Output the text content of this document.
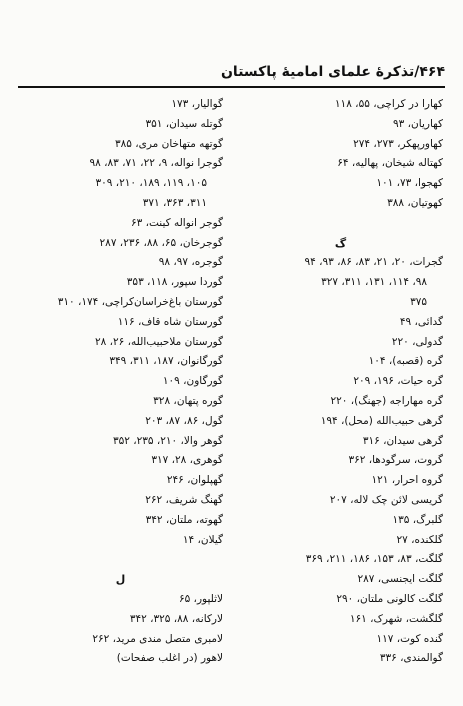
۴۶۴/تذکرهٔ علمای امامیهٔ پاکستان
کهارا در کراچی، ۵۵، ۱۱۸
کهاریان، ۹۳
کهاورپهکر، ۲۷۳، ۲۷۴
کهتاله شیخان، پهالیه، ۶۴
کهجوا، ۷۳، ۱۰۱
کهوتیان، ۳۸۸
گ
گجرات، ۲۰، ۲۱، ۸۳، ۸۶، ۹۳، ۹۴
۹۸، ۱۱۴، ۱۳۱، ۳۱۱، ۳۲۷
۳۷۵
گدائی، ۴۹
گدولی، ۲۲۰
گره (قصبه)، ۱۰۴
گره حیات، ۱۹۶، ۲۰۹
گره مهاراجه (جهنگ)، ۲۲۰
گرهی حبیب‌الله (محل)، ۱۹۴
گرهی سیدان، ۳۱۶
گروت، سرگودها، ۳۶۲
گروه احرار، ۱۲۱
گریسی لائن چک لاله، ۲۰۷
گلبرگ، ۱۳۵
گلکنده، ۲۷
گلگت، ۸۳، ۱۵۳، ۱۸۶، ۲۱۱، ۳۶۹
گلگت ایجنسی، ۲۸۷
گلگت کالونی ملتان، ۲۹۰
گلگشت، شهرک، ۱۶۱
گنده کوت، ۱۱۷
گوالمندی، ۳۳۶
گوالیار، ۱۷۳
گوتله سیدان، ۳۵۱
گوتهه متهاخان مری، ۳۸۵
گوجرا نواله، ۹، ۲۲، ۷۱، ۸۳، ۹۸
۱۰۵، ۱۱۹، ۱۸۹، ۲۱۰، ۳۰۹
۳۱۱، ۳۶۳، ۳۷۱
گوجر انواله کینت، ۶۳
گوجرخان، ۶۵، ۸۸، ۲۳۶، ۲۸۷
گوجره، ۹۷، ۹۸
گوردا سپور، ۱۱۸، ۳۵۳
گورستان باغ‌خراسان‌کراچی، ۱۷۴، ۳۱۰
گورستان شاه قاف، ۱۱۶
گورستان ملاحبیب‌الله، ۲۶، ۲۸
گورگانوان، ۱۸۷، ۳۱۱، ۳۴۹
گورگاون، ۱۰۹
گوره پتهان، ۳۲۸
گول، ۸۶، ۸۷، ۲۰۳
گوهر والا، ۲۱۰، ۲۳۵، ۳۵۲
گوهری، ۲۸، ۳۱۷
گهپلوان، ۲۴۶
گهنگ شریف، ۲۶۲
گهوته، ملتان، ۳۴۲
گیلان، ۱۴
ل
لاثلپور، ۶۵
لارکانه، ۸۸، ۳۲۵، ۳۴۲
لامبری متصل مندی مرید، ۲۶۲
لاهور (در اغلب صفحات)
